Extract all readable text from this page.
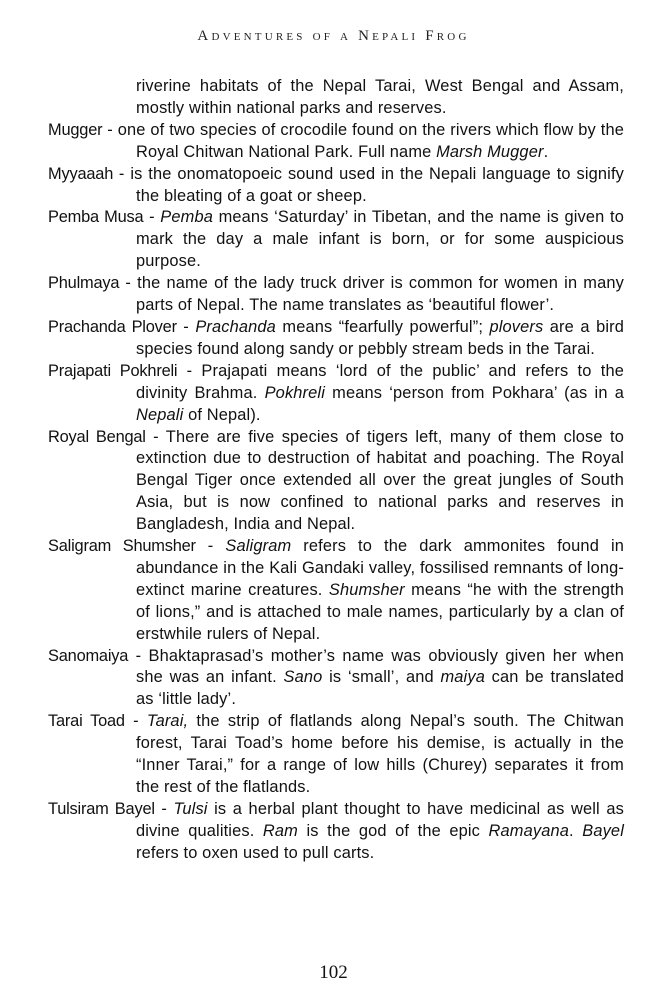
Adventures of a Nepali Frog

riverine habitats of the Nepal Tarai, West Bengal and Assam, mostly within national parks and reserves.

Mugger - one of two species of crocodile found on the rivers which flow by the Royal Chitwan National Park. Full name Marsh Mugger.

Myyaaah - is the onomatopoeic sound used in the Nepali language to signify the bleating of a goat or sheep.

Pemba Musa - Pemba means ‘Saturday’ in Tibetan, and the name is given to mark the day a male infant is born, or for some auspicious purpose.

Phulmaya - the name of the lady truck driver is common for women in many parts of Nepal. The name translates as ‘beautiful flower’.

Prachanda Plover - Prachanda means “fearfully powerful”; plovers are a bird species found along sandy or pebbly stream beds in the Tarai.

Prajapati Pokhreli - Prajapati means ‘lord of the public’ and refers to the divinity Brahma. Pokhreli means ‘person from Pokhara’ (as in a Nepali of Nepal).

Royal Bengal - There are five species of tigers left, many of them close to extinction due to destruction of habitat and poaching. The Royal Bengal Tiger once extended all over the great jungles of South Asia, but is now confined to national parks and reserves in Bangladesh, India and Nepal.

Saligram Shumsher - Saligram refers to the dark ammonites found in abundance in the Kali Gandaki valley, fossilised remnants of long-extinct marine creatures. Shumsher means “he with the strength of lions,” and is attached to male names, particularly by a clan of erstwhile rulers of Nepal.

Sanomaiya - Bhaktaprasad’s mother’s name was obviously given her when she was an infant. Sano is ‘small’, and maiya can be translated as ‘little lady’.

Tarai Toad - Tarai, the strip of flatlands along Nepal’s south. The Chitwan forest, Tarai Toad’s home before his demise, is actually in the “Inner Tarai,” for a range of low hills (Churey) separates it from the rest of the flatlands.

Tulsiram Bayel - Tulsi is a herbal plant thought to have medicinal as well as divine qualities. Ram is the god of the epic Ramayana. Bayel refers to oxen used to pull carts.

102
